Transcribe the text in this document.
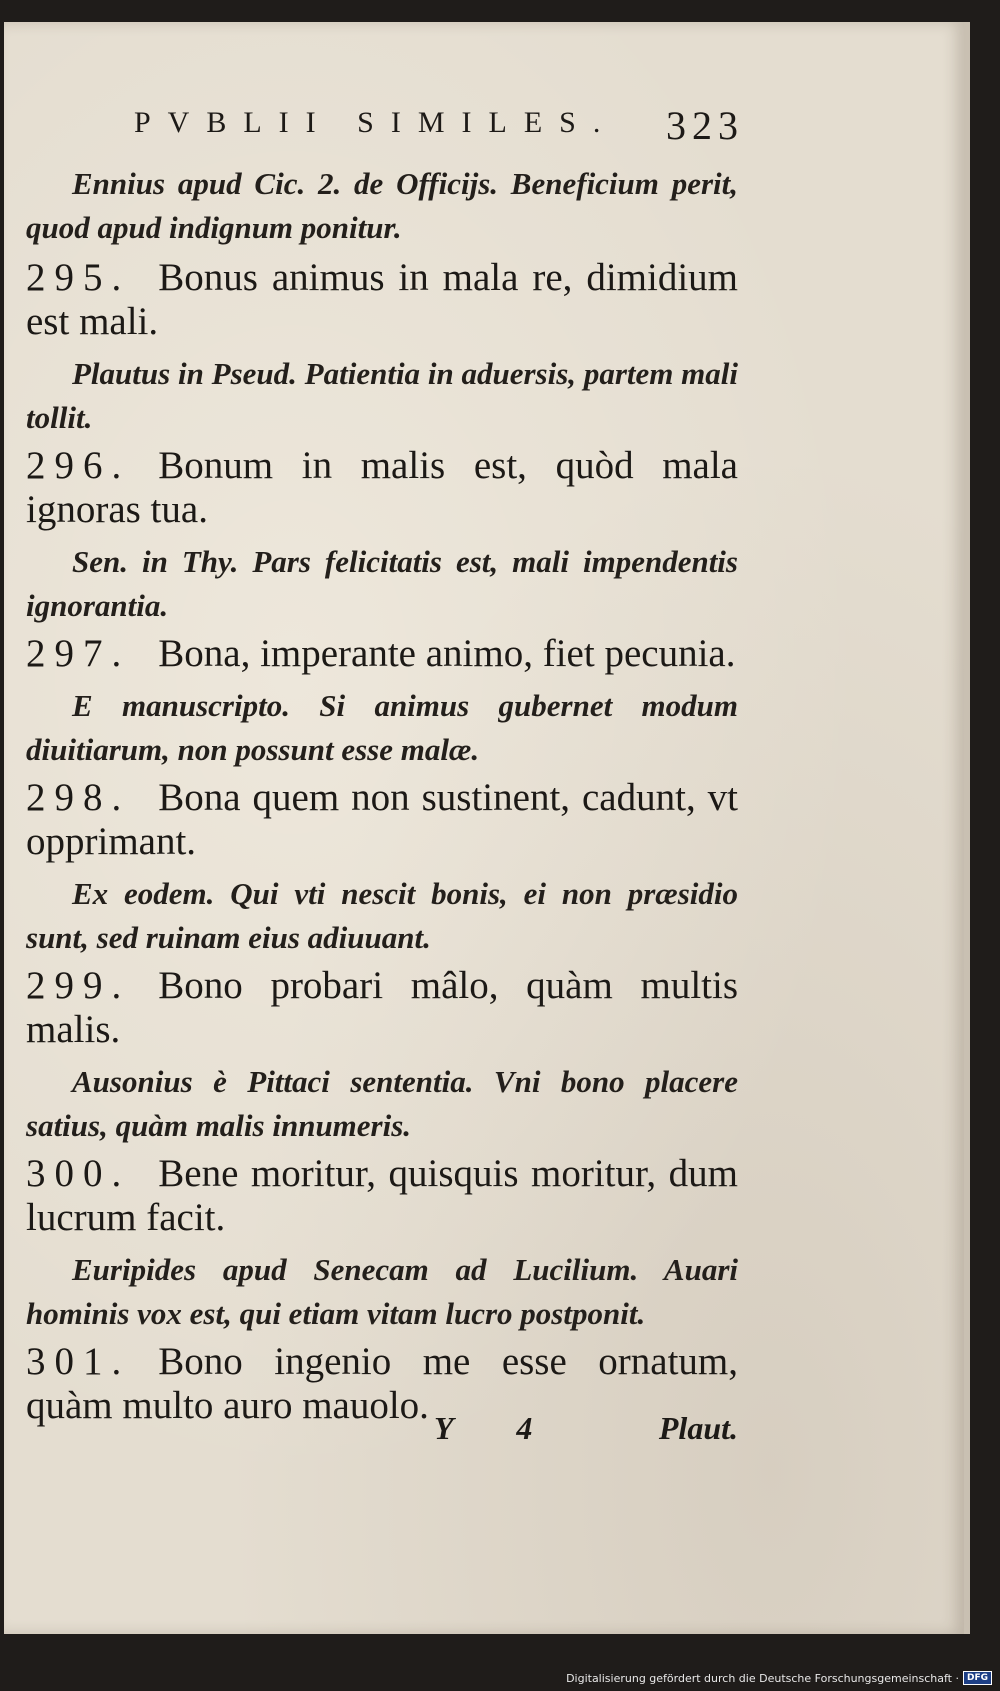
PVBLII SIMILES. 323

Ennius apud Cic. 2. de Officijs. Beneficium perit, quod apud indignum ponitur.

295. Bonus animus in mala re, dimidium est mali.

Plautus in Pseud. Patientia in aduersis, partem mali tollit.

296. Bonum in malis est, quòd mala ignoras tua.

Sen. in Thy. Pars felicitatis est, mali impendentis ignorantia.

297. Bona, imperante animo, fiet pecunia.

E manuscripto. Si animus gubernet modum diuitiarum, non possunt esse malæ.

298. Bona quem non sustinent, cadunt, vt opprimant.

Ex eodem. Qui vti nescit bonis, ei non præsidio sunt, sed ruinam eius adiuuant.

299. Bono probari mâlo, quàm multis malis.

Ausonius è Pittaci sententia. Vni bono placere satius, quàm malis innumeris.

300. Bene moritur, quisquis moritur, dum lucrum facit.

Euripides apud Senecam ad Lucilium. Auari hominis vox est, qui etiam vitam lucro postponit.

301. Bono ingenio me esse ornatum, quàm multo auro mauolo.

Y 4	Plaut.
Digitalisierung gefördert durch die Deutsche Forschungsgemeinschaft · DFG
